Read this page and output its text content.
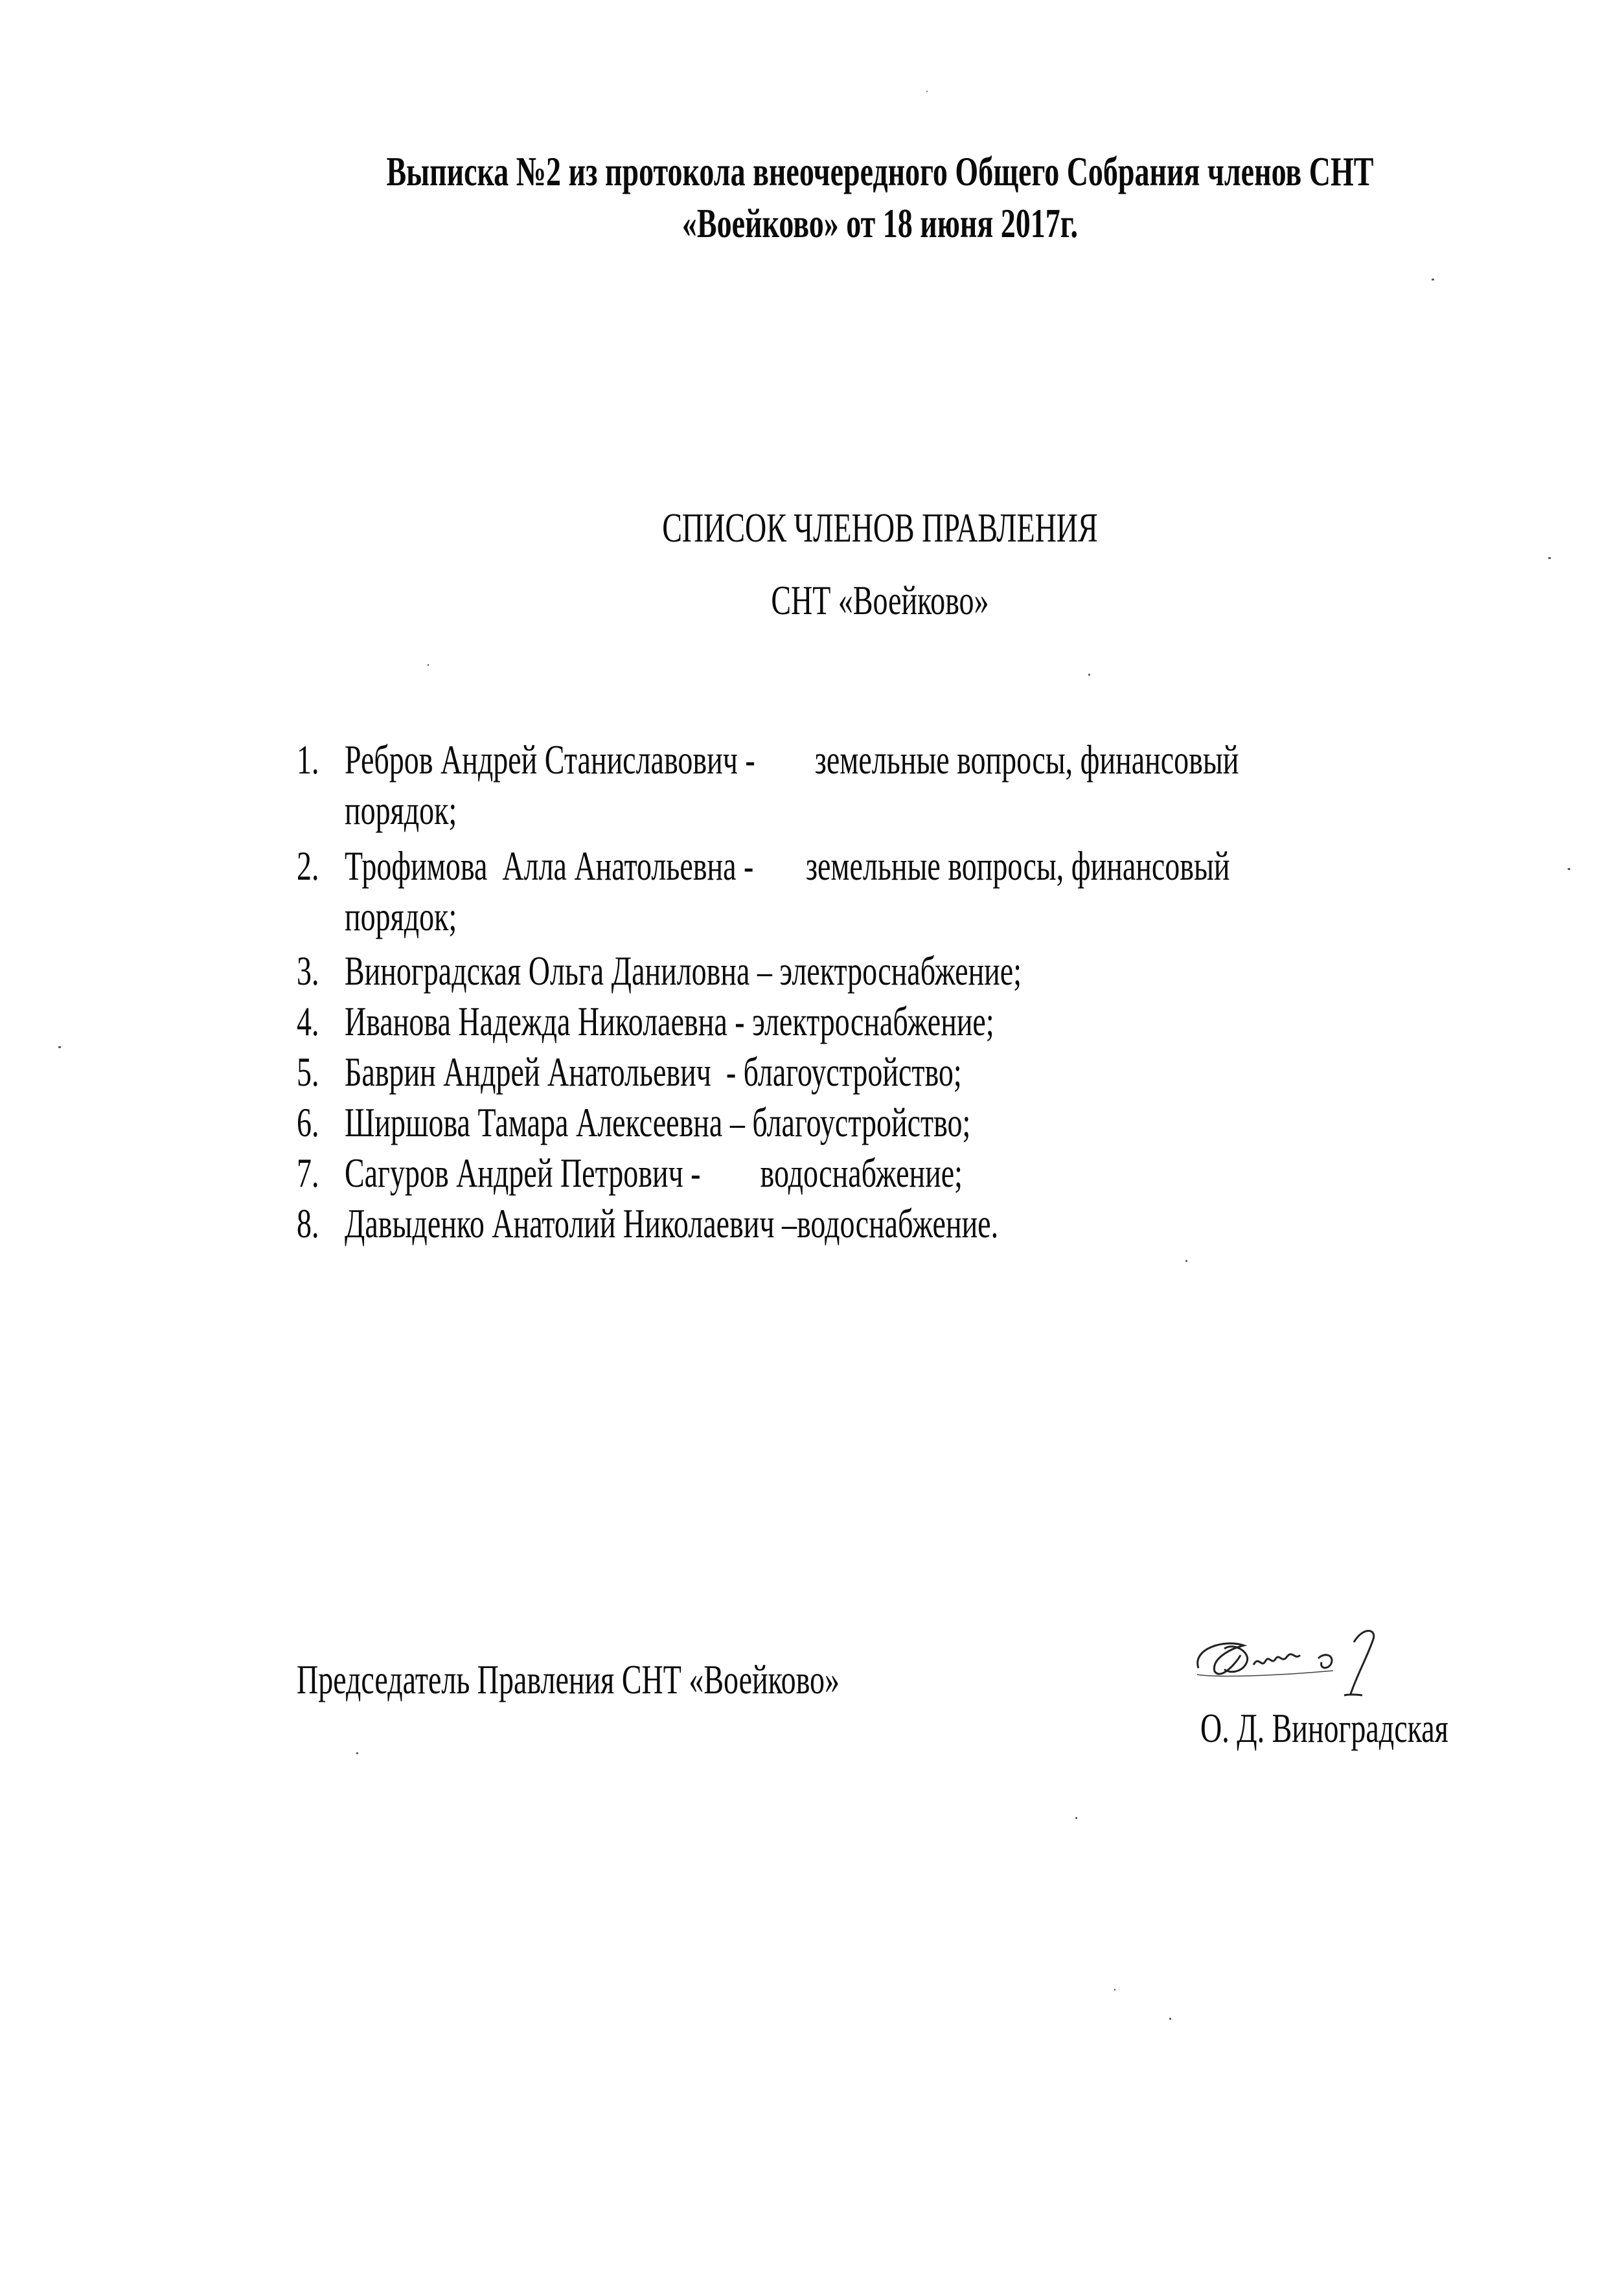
Выписка №2 из протокола внеочередного Общего Собрания членов СНТ
«Воейково» от 18 июня 2017г.
СПИСОК ЧЛЕНОВ ПРАВЛЕНИЯ
СНТ «Воейково»
1. Ребров Андрей Станиславович -        земельные вопросы, финансовый
порядок;
2. Трофимова  Алла Анатольевна -       земельные вопросы, финансовый
порядок;
3. Виноградская Ольга Даниловна – электроснабжение;
4. Иванова Надежда Николаевна - электроснабжение;
5. Баврин Андрей Анатольевич  - благоустройство;
6. Ширшова Тамара Алексеевна – благоустройство;
7. Сагуров Андрей Петрович -        водоснабжение;
8. Давыденко Анатолий Николаевич –водоснабжение.
Председатель Правления СНТ «Воейково»
О. Д. Виноградская
